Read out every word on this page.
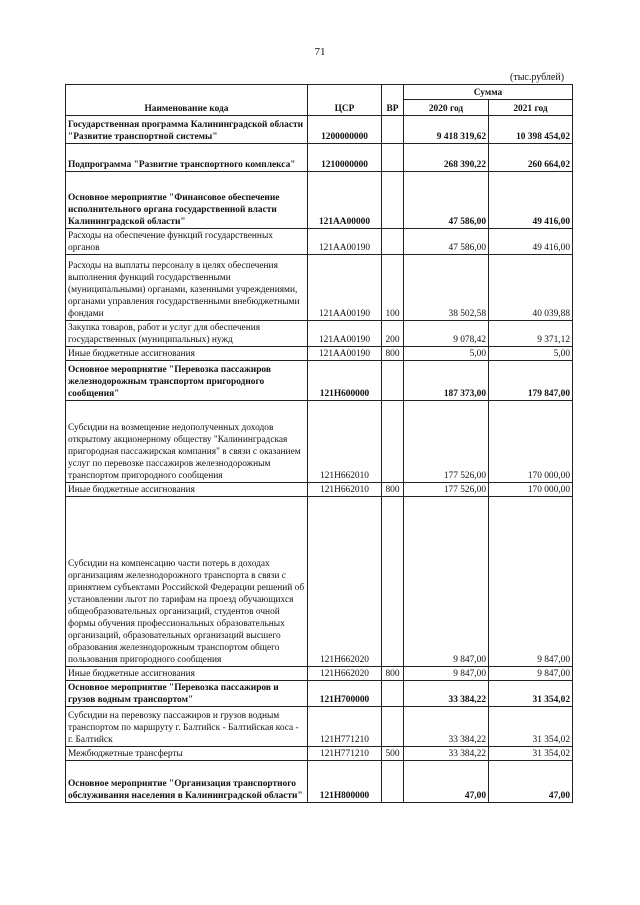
71
(тыс.рублей)
Наименование кода	ЦСР	ВР	Сумма	
			2020 год	2021 год
Государственная программа Калининградской области "Развитие транспортной системы"	1200000000		9 418 319,62	10 398 454,02
Подпрограмма "Развитие транспортного комплекса"	1210000000		268 390,22	260 664,02
Основное мероприятие "Финансовое обеспечение исполнительного органа государственной власти Калининградской области"	121АА00000		47 586,00	49 416,00
Расходы на обеспечение функций государственных органов	121АА00190		47 586,00	49 416,00
Расходы на выплаты персоналу в целях обеспечения выполнения функций государственными (муниципальными) органами, казенными учреждениями, органами управления государственными внебюджетными фондами	121АА00190	100	38 502,58	40 039,88
Закупка товаров, работ и услуг для обеспечения государственных (муниципальных) нужд	121АА00190	200	9 078,42	9 371,12
Иные бюджетные ассигнования	121АА00190	800	5,00	5,00
Основное мероприятие "Перевозка пассажиров железнодорожным транспортом пригородного сообщения"	121Н600000		187 373,00	179 847,00
Субсидии на возмещение недополученных доходов открытому акционерному обществу "Калининградская пригородная пассажирская компания" в связи с оказанием услуг по перевозке пассажиров железнодорожным транспортом пригородного сообщения	121Н662010		177 526,00	170 000,00
Иные бюджетные ассигнования	121Н662010	800	177 526,00	170 000,00
Субсидии на компенсацию части потерь в доходах организациям железнодорожного транспорта в связи с принятием субъектами Российской Федерации решений об установлении льгот по тарифам на проезд обучающихся общеобразовательных организаций, студентов очной формы обучения профессиональных образовательных организаций, образовательных организаций высшего образования железнодорожным транспортом общего пользования пригородного сообщения	121Н662020		9 847,00	9 847,00
Иные бюджетные ассигнования	121Н662020	800	9 847,00	9 847,00
Основное мероприятие "Перевозка пассажиров и грузов водным транспортом"	121Н700000		33 384,22	31 354,02
Субсидии на перевозку пассажиров и грузов водным транспортом по маршруту г. Балтийск - Балтийская коса - г. Балтийск	121Н771210		33 384,22	31 354,02
Межбюджетные трансферты	121Н771210	500	33 384,22	31 354,02
Основное мероприятие "Организация транспортного обслуживания населения в Калининградской области"	121Н800000		47,00	47,00
